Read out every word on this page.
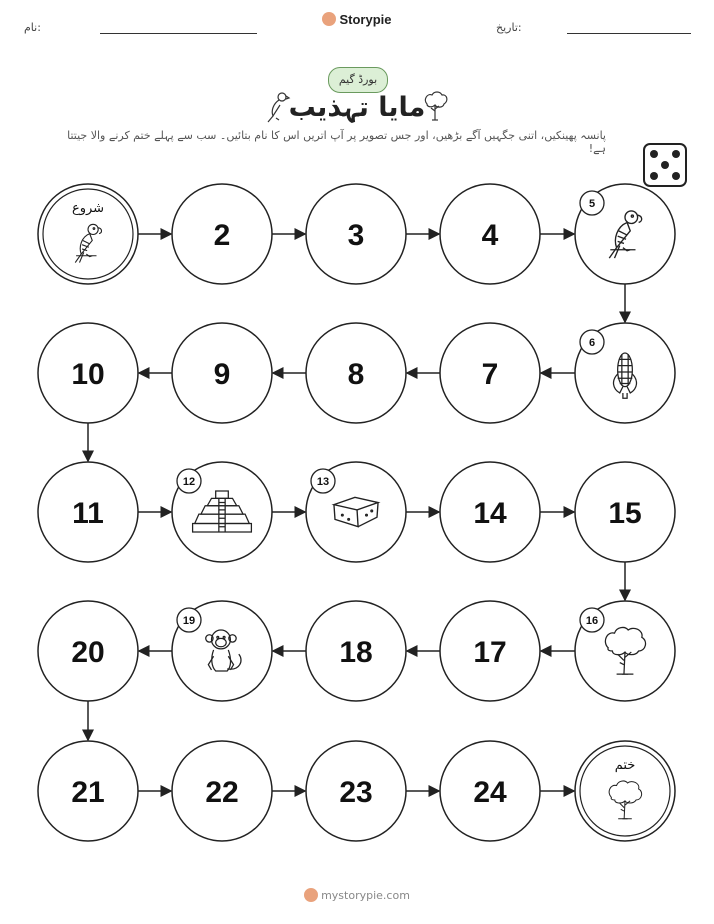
نام:
Storypie
تاریخ:
بورڈ گیم
مایا تہذیب
پانسہ پھینکیں، اتنی جگہیں آگے بڑھیں، اور جس تصویر پر آپ اتریں اس کا نام بتائیں۔ سب سے پہلے ختم کرنے والا جیتتا ہے!
شروع
2	3	4
5
6
7
8
9
10
11
12	13
14	15
16
17
18
19
20
21	22	23	24
ختم
mystorypie.com
